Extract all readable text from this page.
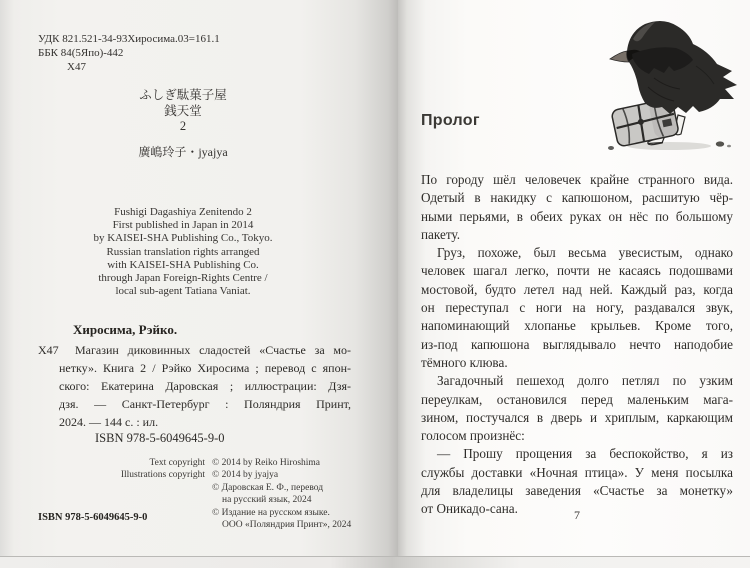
УДК 821.521-34-93Хиросима.03=161.1
ББК 84(5Япо)-442
Х47
ふしぎ駄菓子屋
銭天堂
2
廣嶋玲子・jyajya
Fushigi Dagashiya Zenitendo 2
First published in Japan in 2014
by KAISEI-SHA Publishing Co., Tokyo.
Russian translation rights arranged
with KAISEI-SHA Publishing Co.
through Japan Foreign-Rights Centre /
local sub-agent Tatiana Vaniat.
Хиросима, Рэйко.
Х47	Магазин диковинных сладостей «Счастье за мо-
нетку». Книга 2 / Рэйко Хиросима ; перевод с япон-
ского: Екатерина Даровская ; иллюстрации: Дзя-
дзя. — Санкт-Петербург : Поляндрия Принт,
2024. — 144 с. : ил.
ISBN 978-5-6049645-9-0
Text copyright © 2014 by Reiko Hiroshima
Illustrations copyright © 2014 by jyajya
© Даровская Е. Ф., перевод
на русский язык, 2024
© Издание на русском языке.
ООО «Поляндрия Принт», 2024
ISBN 978-5-6049645-9-0
Пролог

По городу шёл человечек крайне странного вида.
Одетый в накидку с капюшоном, расшитую чёр-
ными перьями, в обеих руках он нёс по большому
пакету.

Груз, похоже, был весьма увесистым, однако
человек шагал легко, почти не касаясь подошвами
мостовой, будто летел над ней. Каждый раз, когда
он переступал с ноги на ногу, раздавался звук,
напоминающий хлопанье крыльев. Кроме того,
из-под капюшона выглядывало нечто наподобие
тёмного клюва.

Загадочный пешеход долго петлял по узким
переулкам, остановился перед маленьким мага-
зином, постучался в дверь и хриплым, каркающим
голосом произнёс:

— Прошу прощения за беспокойство, я из
службы доставки «Ночная птица». У меня посылка
для владелицы заведения «Счастье за монетку»
от Оникадо-сана.	7
